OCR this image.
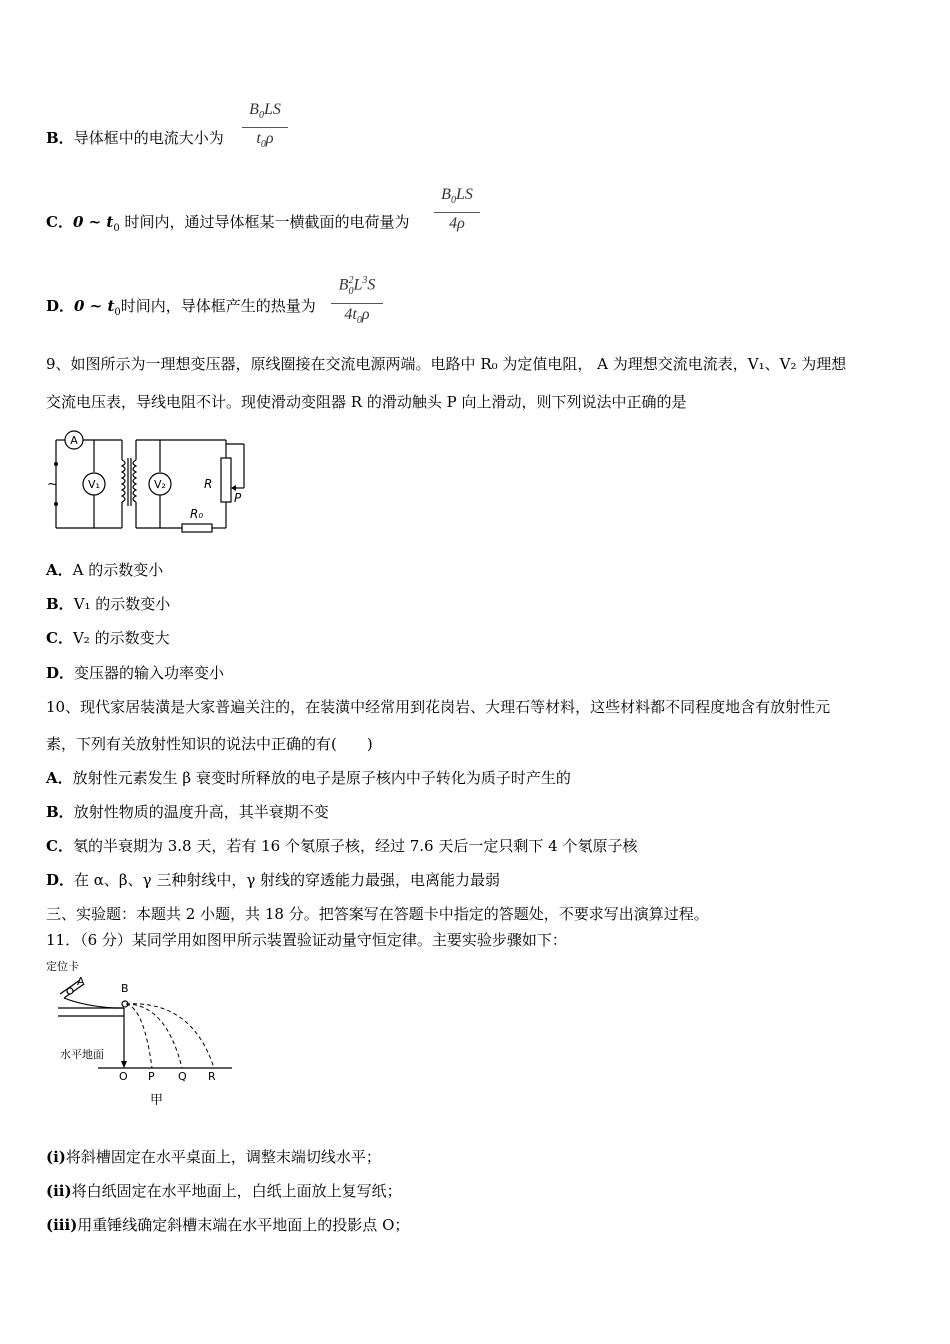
B．导体框中的电流大小为
$B_0LS$
$t_0\rho$
C．0 ~ $t_0$ 时间内，通过导体框某一横截面的电荷量为
$B_0LS$
4ρ
D．0 ~ $t_0$时间内，导体框产生的热量为
$B^2_0L^3S$
$4t_0\rho$
9、如图所示为一理想变压器，原线圈接在交流电源两端。电路中 R₀ 为定值电阻， A 为理想交流电流表，V₁、V₂ 为理想
交流电压表，导线电阻不计。现使滑动变阻器 R 的滑动触头 P 向上滑动，则下列说法中正确的是
A
~	V₁	V₂
R₀
R
P
A．A 的示数变小
B．V₁ 的示数变小
C．V₂ 的示数变大
D．变压器的输入功率变小
10、现代家居装潢是大家普遍关注的，在装潢中经常用到花岗岩、大理石等材料，这些材料都不同程度地含有放射性元
素，下列有关放射性知识的说法中正确的有(　　)
A．放射性元素发生 β 衰变时所释放的电子是原子核内中子转化为质子时产生的
B．放射性物质的温度升高，其半衰期不变
C．氡的半衰期为 3.8 天，若有 16 个氡原子核，经过 7.6 天后一定只剩下 4 个氡原子核
D．在 α、β、γ 三种射线中，γ 射线的穿透能力最强，电离能力最弱
三、实验题：本题共 2 小题，共 18 分。把答案写在答题卡中指定的答题处，不要求写出演算过程。
11．（6 分）某同学用如图甲所示装置验证动量守恒定律。主要实验步骤如下：
定位卡
A
B
水平地面
O P Q R
甲
(i)将斜槽固定在水平桌面上，调整末端切线水平；
(ii)将白纸固定在水平地面上，白纸上面放上复写纸；
(iii)用重锤线确定斜槽末端在水平地面上的投影点 O；
